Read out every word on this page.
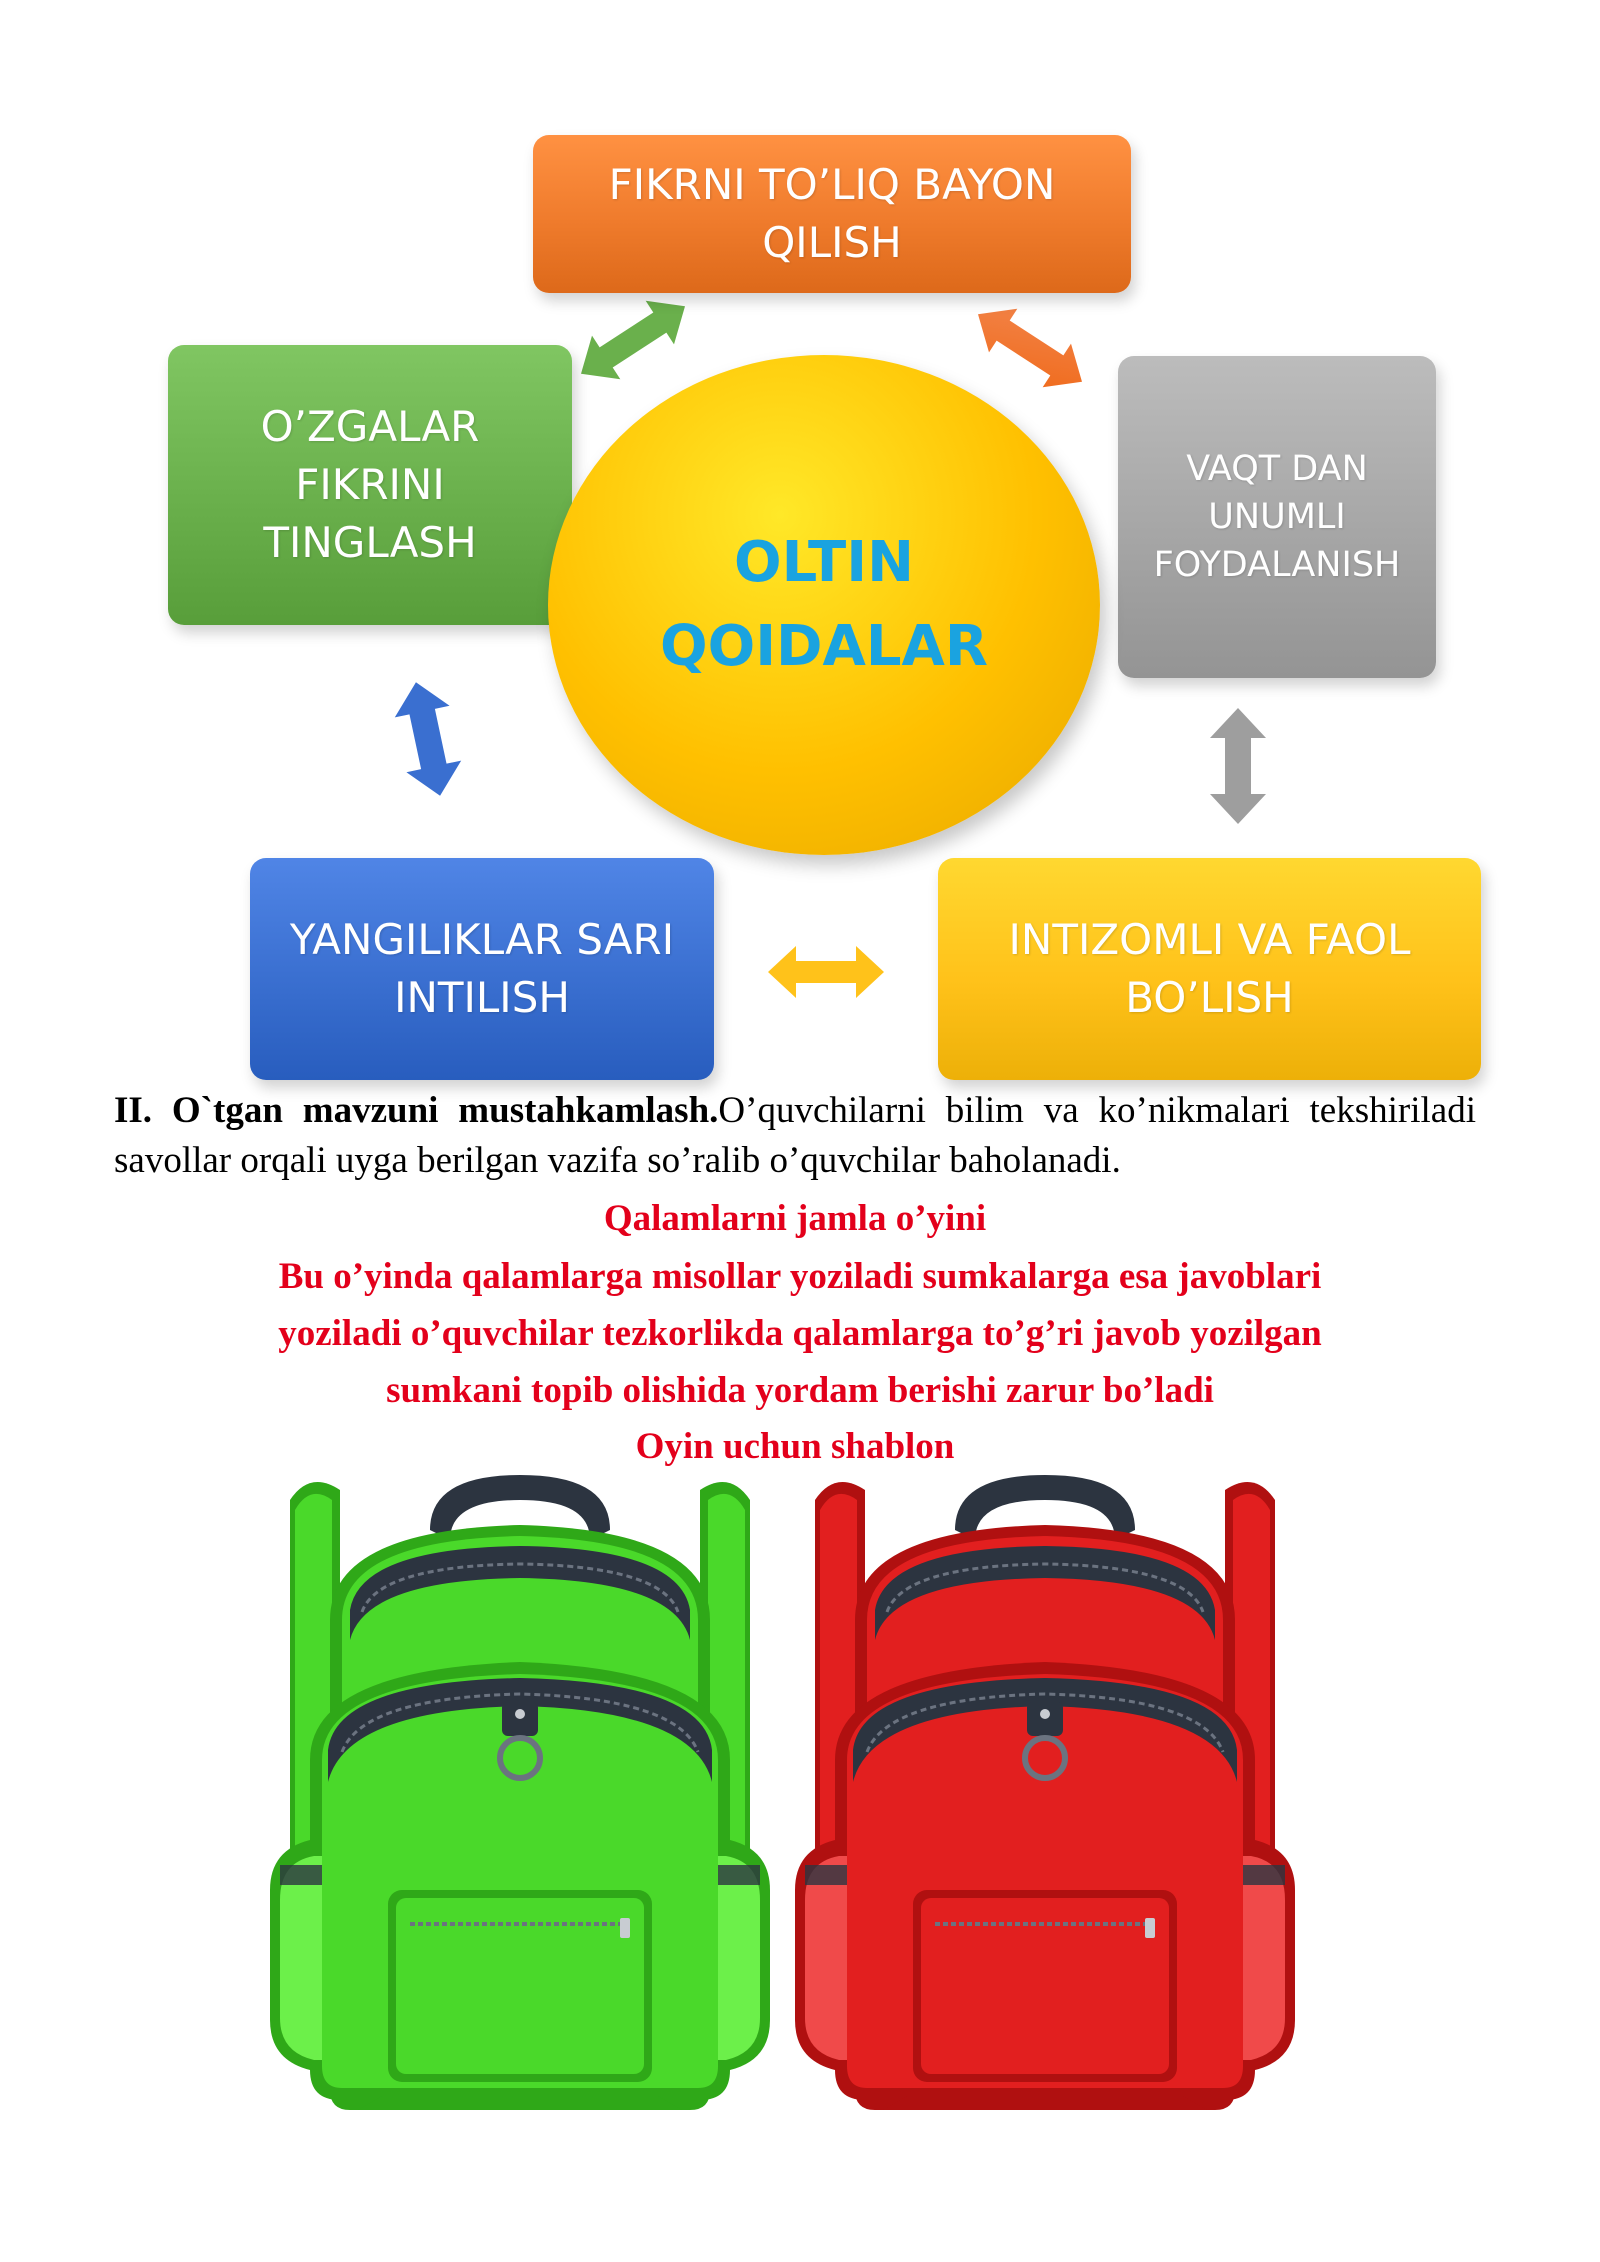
FIKRNI TO’LIQ BAYON
QILISH
O’ZGALAR
FIKRINI
TINGLASH
VAQT DAN
UNUMLI
FOYDALANISH
YANGILIKLAR SARI
INTILISH
INTIZOMLI VA FAOL
BO’LISH
OLTIN
QOIDALAR
II. O`tgan mavzuni mustahkamlash.O’quvchilarni bilim va ko’nikmalari tekshiriladi savollar orqali uyga berilgan vazifa so’ralib o’quvchilar baholanadi.
Qalamlarni jamla o’yini
Bu o’yinda qalamlarga misollar yoziladi sumkalarga esa javoblari
yoziladi o’quvchilar tezkorlikda qalamlarga to’g’ri javob yozilgan
sumkani topib olishida yordam berishi zarur bo’ladi
Oyin uchun shablon
